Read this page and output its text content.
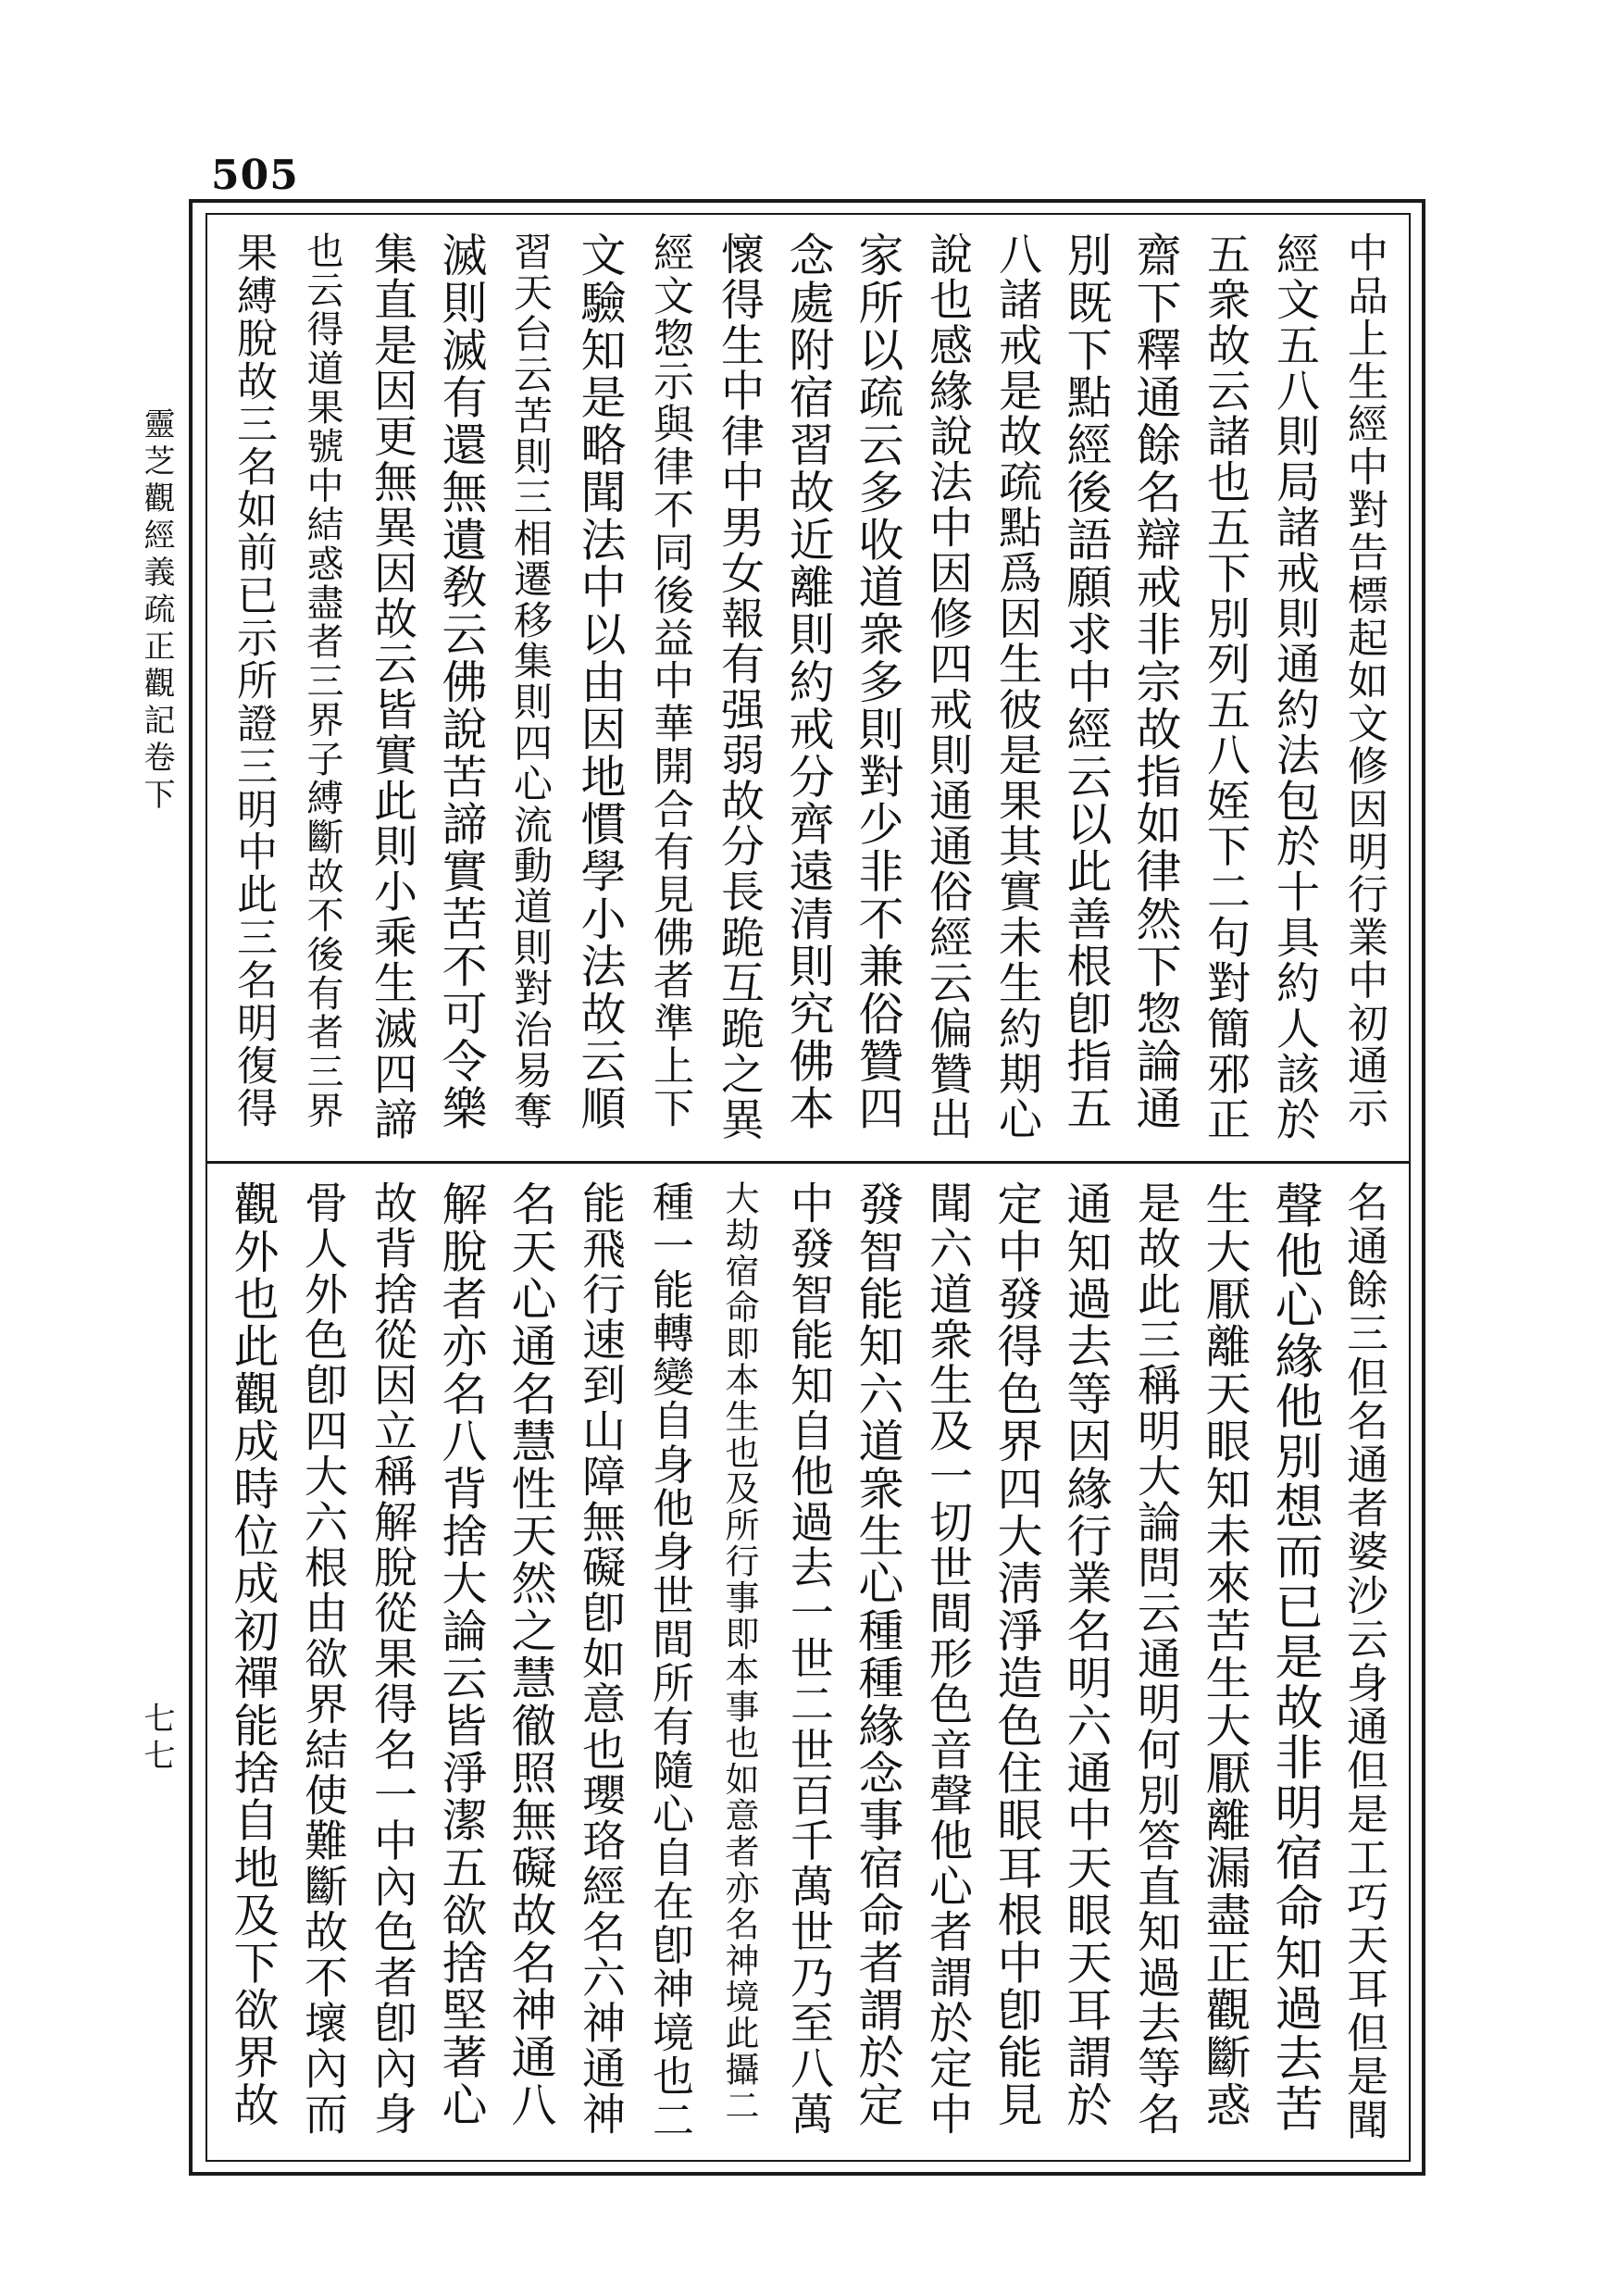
505
靈芝觀經義疏正觀記卷下
七七
中品上生經中對告標起如文修因明行業中初通示
經文五八則局諸戒則通約法包於十具約人該於
五衆故云諸也五下別列五八姪下二句對簡邪正
齋下釋通餘名辯戒非宗故指如律然下惣論通
別既下點經後語願求中經云以此善根卽指五
八諸戒是故疏點爲因生彼是果其實未生約期心
說也感緣說法中因修四戒則通通俗經云偏贊出
家所以疏云多收道衆多則對少非不兼俗贊四
念處附宿習故近離則約戒分齊遠清則究佛本
懷得生中律中男女報有强弱故分長跪互跪之異
經文惣示與律不同後益中華開合有見佛者準上下
文驗知是略聞法中以由因地慣學小法故云順
習天台云苦則三相遷移集則四心流動道則對治易奪
滅則滅有還無遺敎云佛說苦諦實苦不可令樂
集直是因更無異因故云皆實此則小乘生滅四諦
也云得道果號中結惑盡者三界子縛斷故不後有者三界
果縛脫故三名如前已示所證三明中此三名明復得
名通餘三但名通者婆沙云身通但是工巧天耳但是聞
聲他心緣他別想而已是故非明宿命知過去苦
生大厭離天眼知未來苦生大厭離漏盡正觀斷惑
是故此三稱明大論問云通明何別答直知過去等名
通知過去等因緣行業名明六通中天眼天耳謂於
定中發得色界四大淸淨造色住眼耳根中卽能見
聞六道衆生及一切世間形色音聲他心者謂於定中
發智能知六道衆生心種種緣念事宿命者謂於定
中發智能知自他過去一世二世百千萬世乃至八萬
大劫宿命即本生也及所行事即本事也如意者亦名神境此攝二
種一能轉變自身他身世間所有隨心自在卽神境也二
能飛行速到山障無礙卽如意也瓔珞經名六神通神
名天心通名慧性天然之慧徹照無礙故名神通八
解脫者亦名八背捨大論云皆淨潔五欲捨堅著心
故背捨從因立稱解脫從果得名一中內色者卽內身
骨人外色卽四大六根由欲界結使難斷故不壞內而
觀外也此觀成時位成初禪能捨自地及下欲界故
